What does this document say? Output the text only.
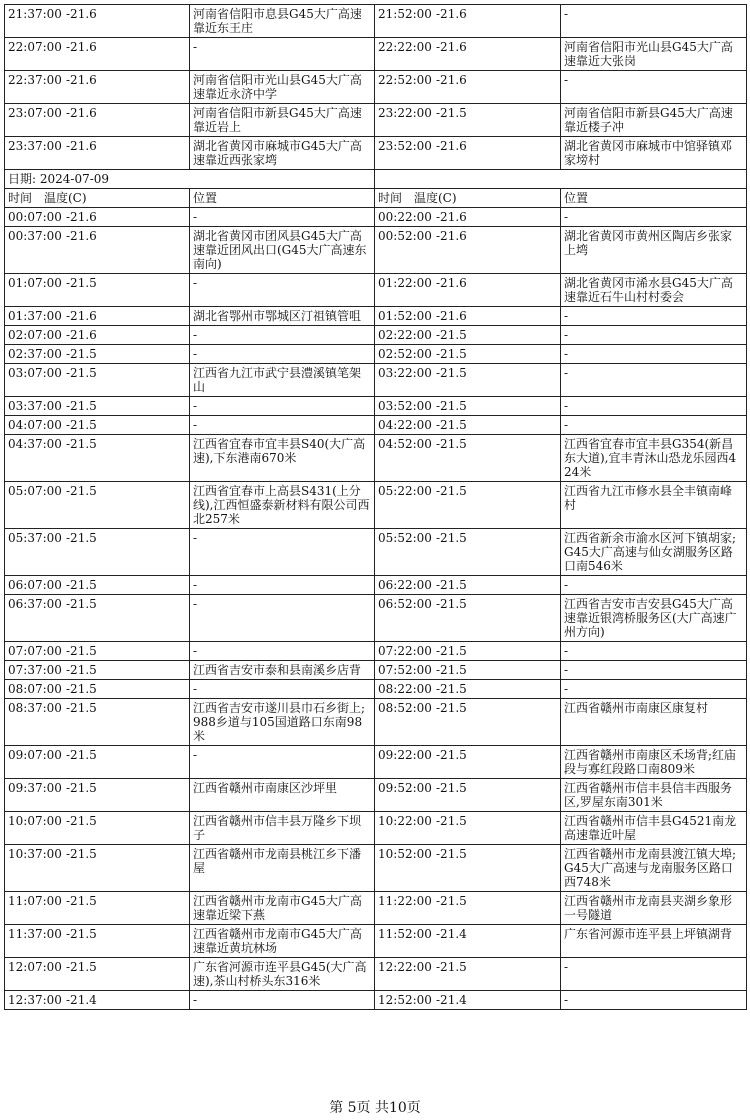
21:37:00 -21.6	河南省信阳市息县G45大广高速靠近东王庄	21:52:00 -21.6	-
22:07:00 -21.6	-	22:22:00 -21.6	河南省信阳市光山县G45大广高速靠近大张岗
22:37:00 -21.6	河南省信阳市光山县G45大广高速靠近永济中学	22:52:00 -21.6	-
23:07:00 -21.6	河南省信阳市新县G45大广高速靠近岩上	23:22:00 -21.5	河南省信阳市新县G45大广高速靠近楼子冲
23:37:00 -21.6	湖北省黄冈市麻城市G45大广高速靠近西张家塆	23:52:00 -21.6	湖北省黄冈市麻城市中馆驿镇邓家塝村
日期: 2024-07-09			
时间　温度(C)	位置	时间　温度(C)	位置
00:07:00 -21.6	-	00:22:00 -21.6	-
00:37:00 -21.6	湖北省黄冈市团风县G45大广高速靠近团风出口(G45大广高速东南向)	00:52:00 -21.6	湖北省黄冈市黄州区陶店乡张家上塆
01:07:00 -21.5	-	01:22:00 -21.6	湖北省黄冈市浠水县G45大广高速靠近石牛山村村委会
01:37:00 -21.6	湖北省鄂州市鄂城区汀祖镇管咀	01:52:00 -21.6	-
02:07:00 -21.6	-	02:22:00 -21.5	-
02:37:00 -21.5	-	02:52:00 -21.5	-
03:07:00 -21.5	江西省九江市武宁县澧溪镇笔架山	03:22:00 -21.5	-
03:37:00 -21.5	-	03:52:00 -21.5	-
04:07:00 -21.5	-	04:22:00 -21.5	-
04:37:00 -21.5	江西省宜春市宜丰县S40(大广高速),下东港南670米	04:52:00 -21.5	江西省宜春市宜丰县G354(新昌东大道),宜丰青沐山恐龙乐园西424米
05:07:00 -21.5	江西省宜春市上高县S431(上分线),江西恒盛泰新材料有限公司西北257米	05:22:00 -21.5	江西省九江市修水县全丰镇南峰村
05:37:00 -21.5	-	05:52:00 -21.5	江西省新余市渝水区河下镇胡家;G45大广高速与仙女湖服务区路口南546米
06:07:00 -21.5	-	06:22:00 -21.5	-
06:37:00 -21.5	-	06:52:00 -21.5	江西省吉安市吉安县G45大广高速靠近银湾桥服务区(大广高速广州方向)
07:07:00 -21.5	-	07:22:00 -21.5	-
07:37:00 -21.5	江西省吉安市泰和县南溪乡店背	07:52:00 -21.5	-
08:07:00 -21.5	-	08:22:00 -21.5	-
08:37:00 -21.5	江西省吉安市遂川县巾石乡街上;988乡道与105国道路口东南98米	08:52:00 -21.5	江西省赣州市南康区康复村
09:07:00 -21.5	-	09:22:00 -21.5	江西省赣州市南康区禾场背;红庙段与寡红段路口南809米
09:37:00 -21.5	江西省赣州市南康区沙坪里	09:52:00 -21.5	江西省赣州市信丰县信丰西服务区,罗屋东南301米
10:07:00 -21.5	江西省赣州市信丰县万隆乡下坝子	10:22:00 -21.5	江西省赣州市信丰县G4521南龙高速靠近叶屋
10:37:00 -21.5	江西省赣州市龙南县桃江乡下潘屋	10:52:00 -21.5	江西省赣州市龙南县渡江镇大埠;G45大广高速与龙南服务区路口西748米
11:07:00 -21.5	江西省赣州市龙南市G45大广高速靠近梁下燕	11:22:00 -21.5	江西省赣州市龙南县夹湖乡象形一号隧道
11:37:00 -21.5	江西省赣州市龙南市G45大广高速靠近黄坑林场	11:52:00 -21.4	广东省河源市连平县上坪镇湖背
12:07:00 -21.5	广东省河源市连平县G45(大广高速),茶山村桥头东316米	12:22:00 -21.5	-
12:37:00 -21.4	-	12:52:00 -21.4	-
第 5页 共10页
